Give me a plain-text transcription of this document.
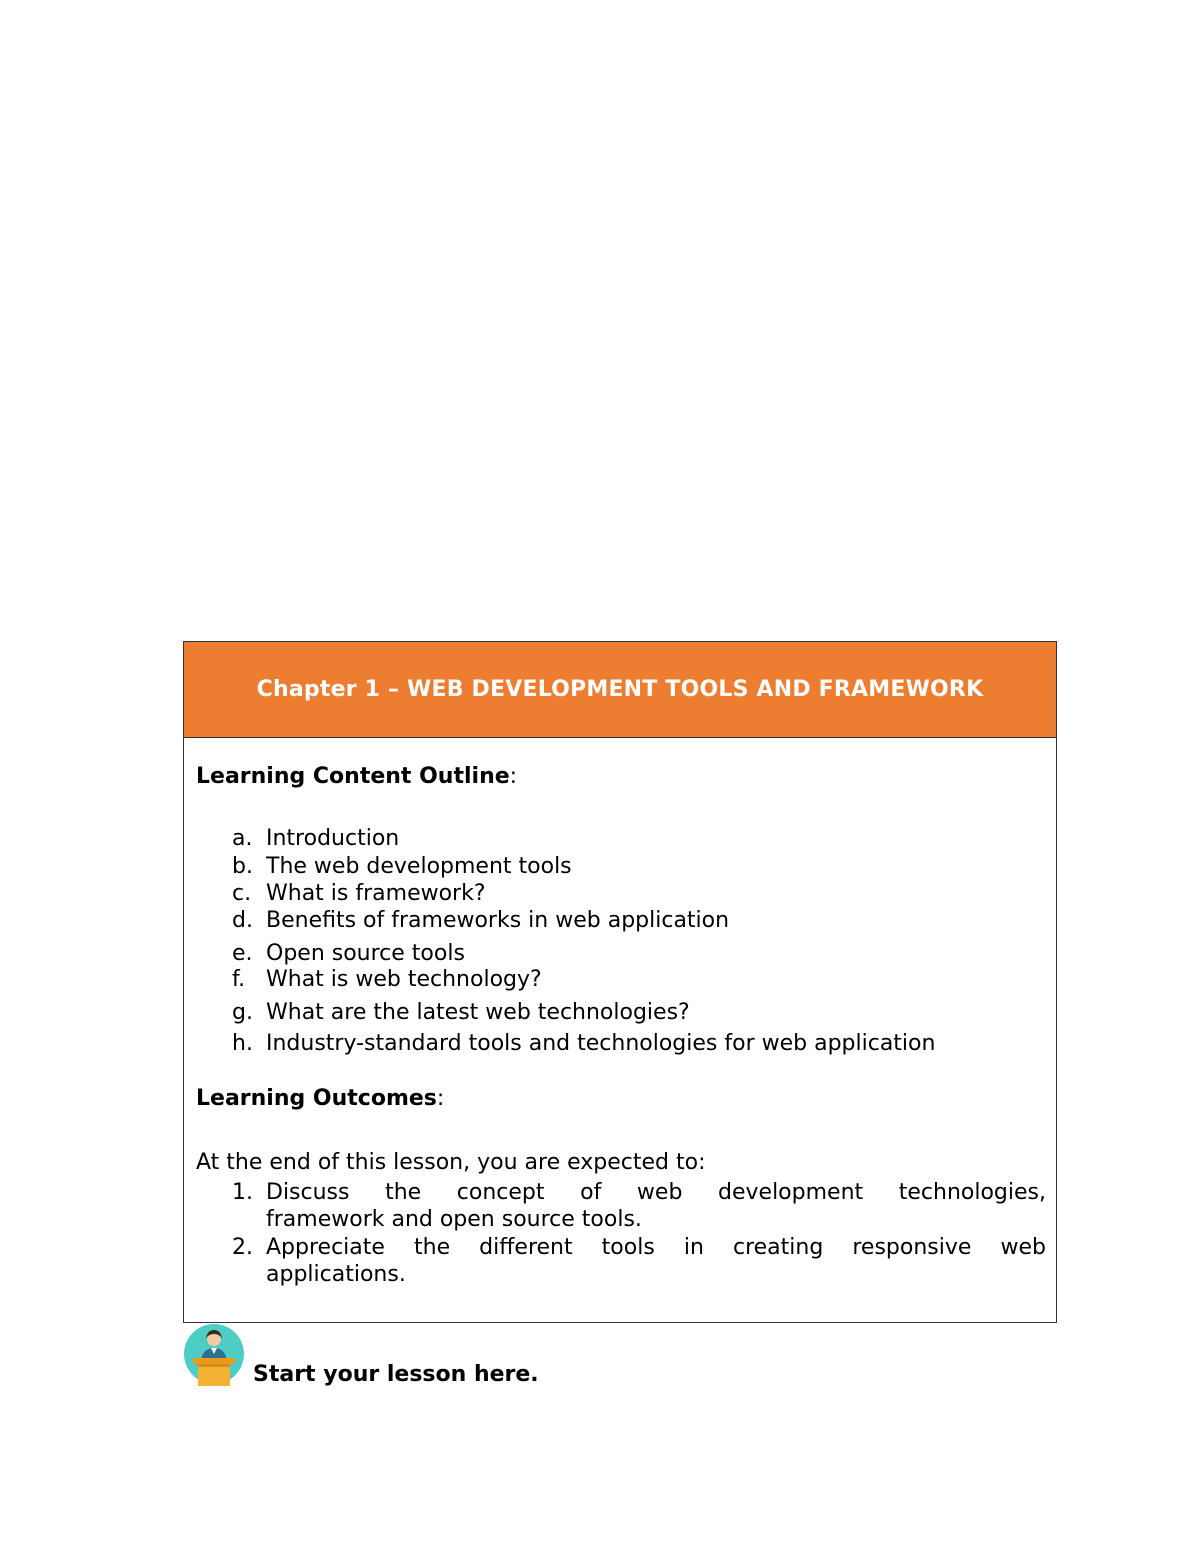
Chapter 1 – WEB DEVELOPMENT TOOLS AND FRAMEWORK
Learning Content Outline:
a. Introduction
b. The web development tools
c. What is framework?
d. Benefits of frameworks in web application
e. Open source tools
f. What is web technology?
g. What are the latest web technologies?
h. Industry-standard tools and technologies for web application
Learning Outcomes:
At the end of this lesson, you are expected to:
1. Discuss the concept of web development technologies,
framework and open source tools.
2. Appreciate the different tools in creating responsive web
applications.
Start your lesson here.
